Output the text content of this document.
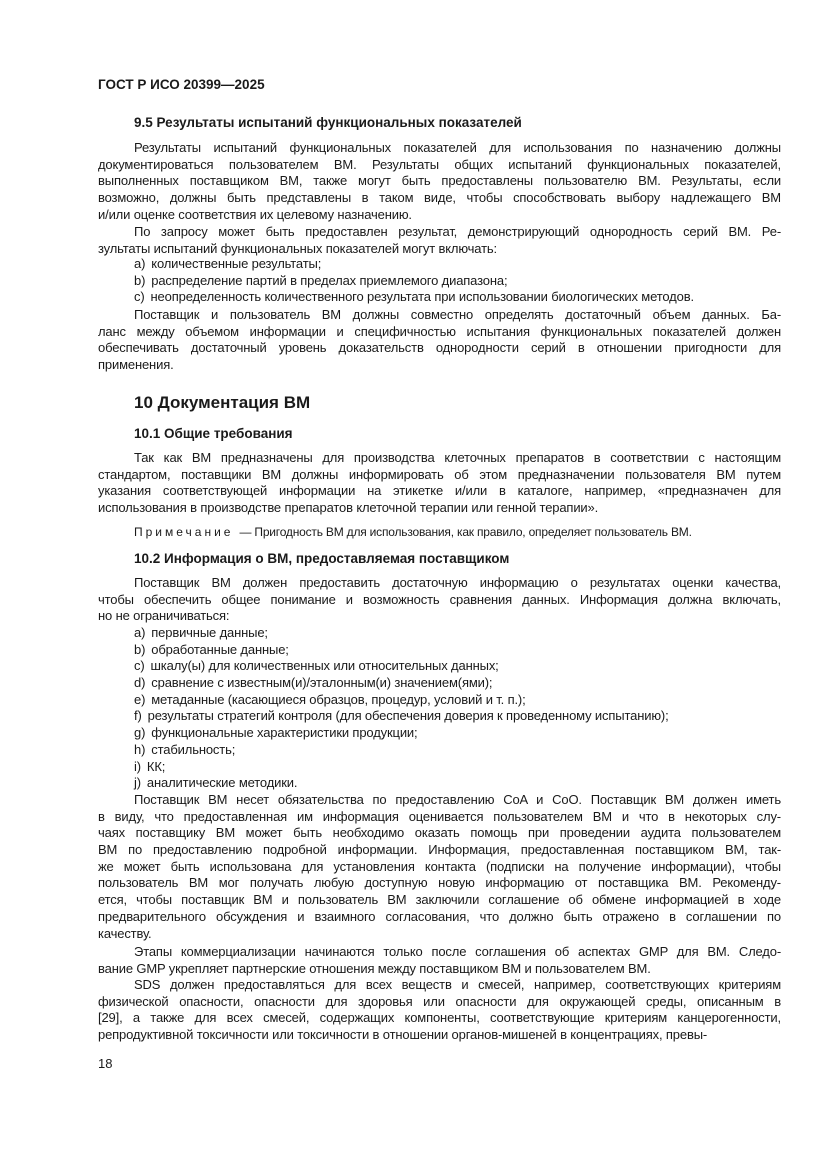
ГОСТ Р ИСО 20399—2025
9.5 Результаты испытаний функциональных показателей
Результаты испытаний функциональных показателей для использования по назначению должны
документироваться пользователем ВМ. Результаты общих испытаний функциональных показателей,
выполненных поставщиком ВМ, также могут быть предоставлены пользователю ВМ. Результаты, если
возможно, должны быть представлены в таком виде, чтобы способствовать выбору надлежащего ВМ
и/или оценке соответствия их целевому назначению.
По запросу может быть предоставлен результат, демонстрирующий однородность серий ВМ. Ре-
зультаты испытаний функциональных показателей могут включать:
a) количественные результаты;
b) распределение партий в пределах приемлемого диапазона;
c) неопределенность количественного результата при использовании биологических методов.
Поставщик и пользователь ВМ должны совместно определять достаточный объем данных. Ба-
ланс между объемом информации и специфичностью испытания функциональных показателей должен
обеспечивать достаточный уровень доказательств однородности серий в отношении пригодности для
применения.
10 Документация ВМ
10.1 Общие требования
Так как ВМ предназначены для производства клеточных препаратов в соответствии с настоящим
стандартом, поставщики ВМ должны информировать об этом предназначении пользователя ВМ путем
указания соответствующей информации на этикетке и/или в каталоге, например, «предназначен для
использования в производстве препаратов клеточной терапии или генной терапии».
Примечание — Пригодность ВМ для использования, как правило, определяет пользователь ВМ.
10.2 Информация о ВМ, предоставляемая поставщиком
Поставщик ВМ должен предоставить достаточную информацию о результатах оценки качества,
чтобы обеспечить общее понимание и возможность сравнения данных. Информация должна включать,
но не ограничиваться:
a) первичные данные;
b) обработанные данные;
c) шкалу(ы) для количественных или относительных данных;
d) сравнение с известным(и)/эталонным(и) значением(ями);
e) метаданные (касающиеся образцов, процедур, условий и т. п.);
f) результаты стратегий контроля (для обеспечения доверия к проведенному испытанию);
g) функциональные характеристики продукции;
h) стабильность;
i) КК;
j) аналитические методики.
Поставщик ВМ несет обязательства по предоставлению CoA и CoO. Поставщик ВМ должен иметь
в виду, что предоставленная им информация оценивается пользователем ВМ и что в некоторых слу-
чаях поставщику ВМ может быть необходимо оказать помощь при проведении аудита пользователем
ВМ по предоставлению подробной информации. Информация, предоставленная поставщиком ВМ, так-
же может быть использована для установления контакта (подписки на получение информации), чтобы
пользователь ВМ мог получать любую доступную новую информацию от поставщика ВМ. Рекоменду-
ется, чтобы поставщик ВМ и пользователь ВМ заключили соглашение об обмене информацией в ходе
предварительного обсуждения и взаимного согласования, что должно быть отражено в соглашении по
качеству.
Этапы коммерциализации начинаются только после соглашения об аспектах GMP для ВМ. Следо-
вание GMP укрепляет партнерские отношения между поставщиком ВМ и пользователем ВМ.
SDS должен предоставляться для всех веществ и смесей, например, соответствующих критериям
физической опасности, опасности для здоровья или опасности для окружающей среды, описанным в
[29], а также для всех смесей, содержащих компоненты, соответствующие критериям канцерогенности,
репродуктивной токсичности или токсичности в отношении органов-мишеней в концентрациях, превы-
18
